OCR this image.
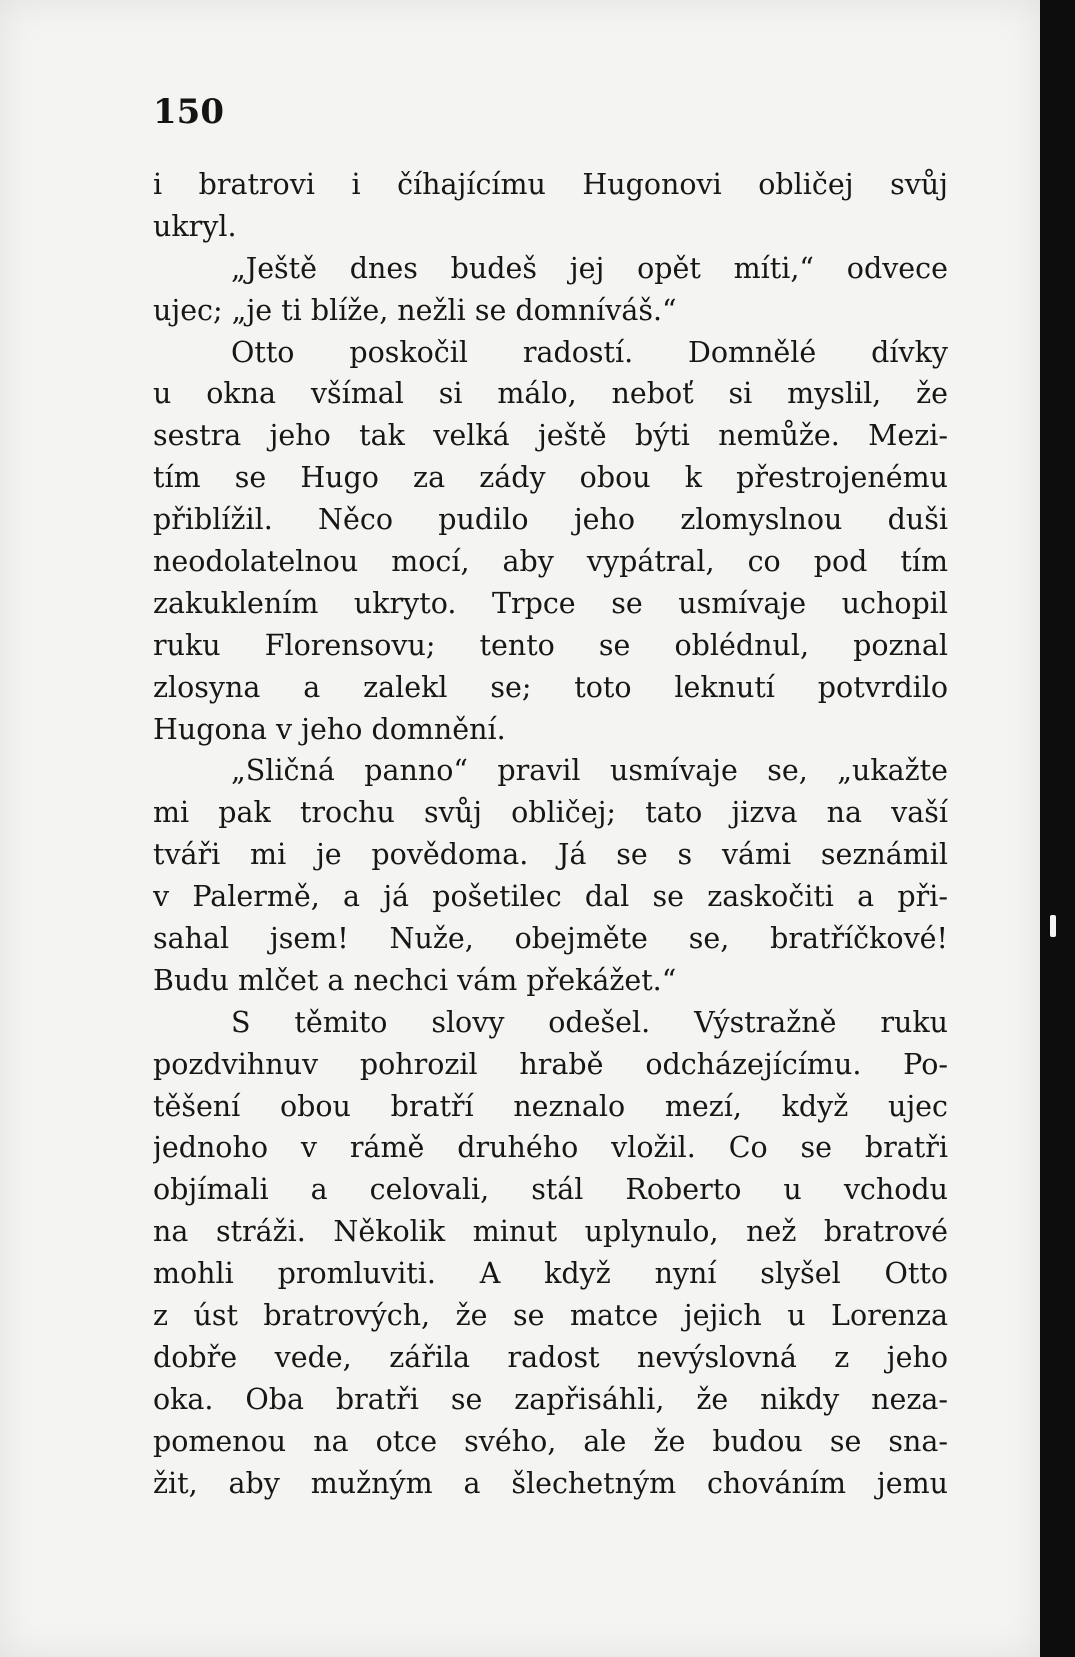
150
i bratrovi i číhajícímu Hugonovi obličej svůj
ukryl.
„Ještě dnes budeš jej opět míti,“ odvece
ujec; „je ti blíže, nežli se domníváš.“
Otto poskočil radostí. Domnělé dívky
u okna všímal si málo, neboť si myslil, že
sestra jeho tak velká ještě býti nemůže. Mezi-
tím se Hugo za zády obou k přestrojenému
přiblížil. Něco pudilo jeho zlomyslnou duši
neodolatelnou mocí, aby vypátral, co pod tím
zakuklením ukryto. Trpce se usmívaje uchopil
ruku Florensovu; tento se oblédnul, poznal
zlosyna a zalekl se; toto leknutí potvrdilo
Hugona v jeho domnění.
„Sličná panno“ pravil usmívaje se, „ukažte
mi pak trochu svůj obličej; tato jizva na vaší
tváři mi je povědoma. Já se s vámi seznámil
v Palermě, a já pošetilec dal se zaskočiti a při-
sahal jsem! Nuže, obejměte se, bratříčkové!
Budu mlčet a nechci vám překážet.“
S těmito slovy odešel. Výstražně ruku
pozdvihnuv pohrozil hrabě odcházejícímu. Po-
těšení obou bratří neznalo mezí, když ujec
jednoho v rámě druhého vložil. Co se bratři
objímali a celovali, stál Roberto u vchodu
na stráži. Několik minut uplynulo, než bratrové
mohli promluviti. A když nyní slyšel Otto
z úst bratrových, že se matce jejich u Lorenza
dobře vede, zářila radost nevýslovná z jeho
oka. Oba bratři se zapřisáhli, že nikdy neza-
pomenou na otce svého, ale že budou se sna-
žit, aby mužným a šlechetným chováním jemu
